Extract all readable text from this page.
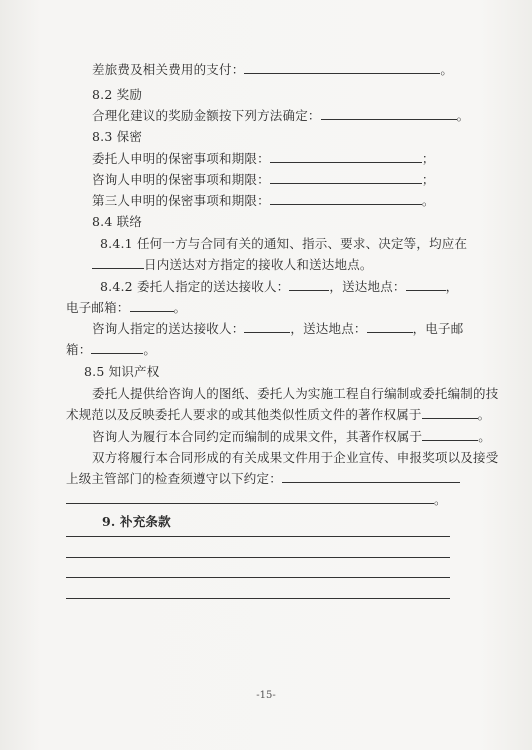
差旅费及相关费用的支付：	。
8.2 奖励
合理化建议的奖励金额按下列方法确定：	。
8.3 保密
委托人申明的保密事项和期限：	；
咨询人申明的保密事项和期限：	；
第三人申明的保密事项和期限：	。
8.4 联络
8.4.1 任何一方与合同有关的通知、指示、要求、决定等，均应在
日内送达对方指定的接收人和送达地点。
8.4.2 委托人指定的送达接收人：	，送达地点：	，
电子邮箱：	。
咨询人指定的送达接收人：	，送达地点：	，电子邮
箱：	。
8.5 知识产权
委托人提供给咨询人的图纸、委托人为实施工程自行编制或委托编制的技
术规范以及反映委托人要求的或其他类似性质文件的著作权属于	。
咨询人为履行本合同约定而编制的成果文件，其著作权属于	。
双方将履行本合同形成的有关成果文件用于企业宣传、申报奖项以及接受
上级主管部门的检查须遵守以下约定：
。
9. 补充条款
-15-
